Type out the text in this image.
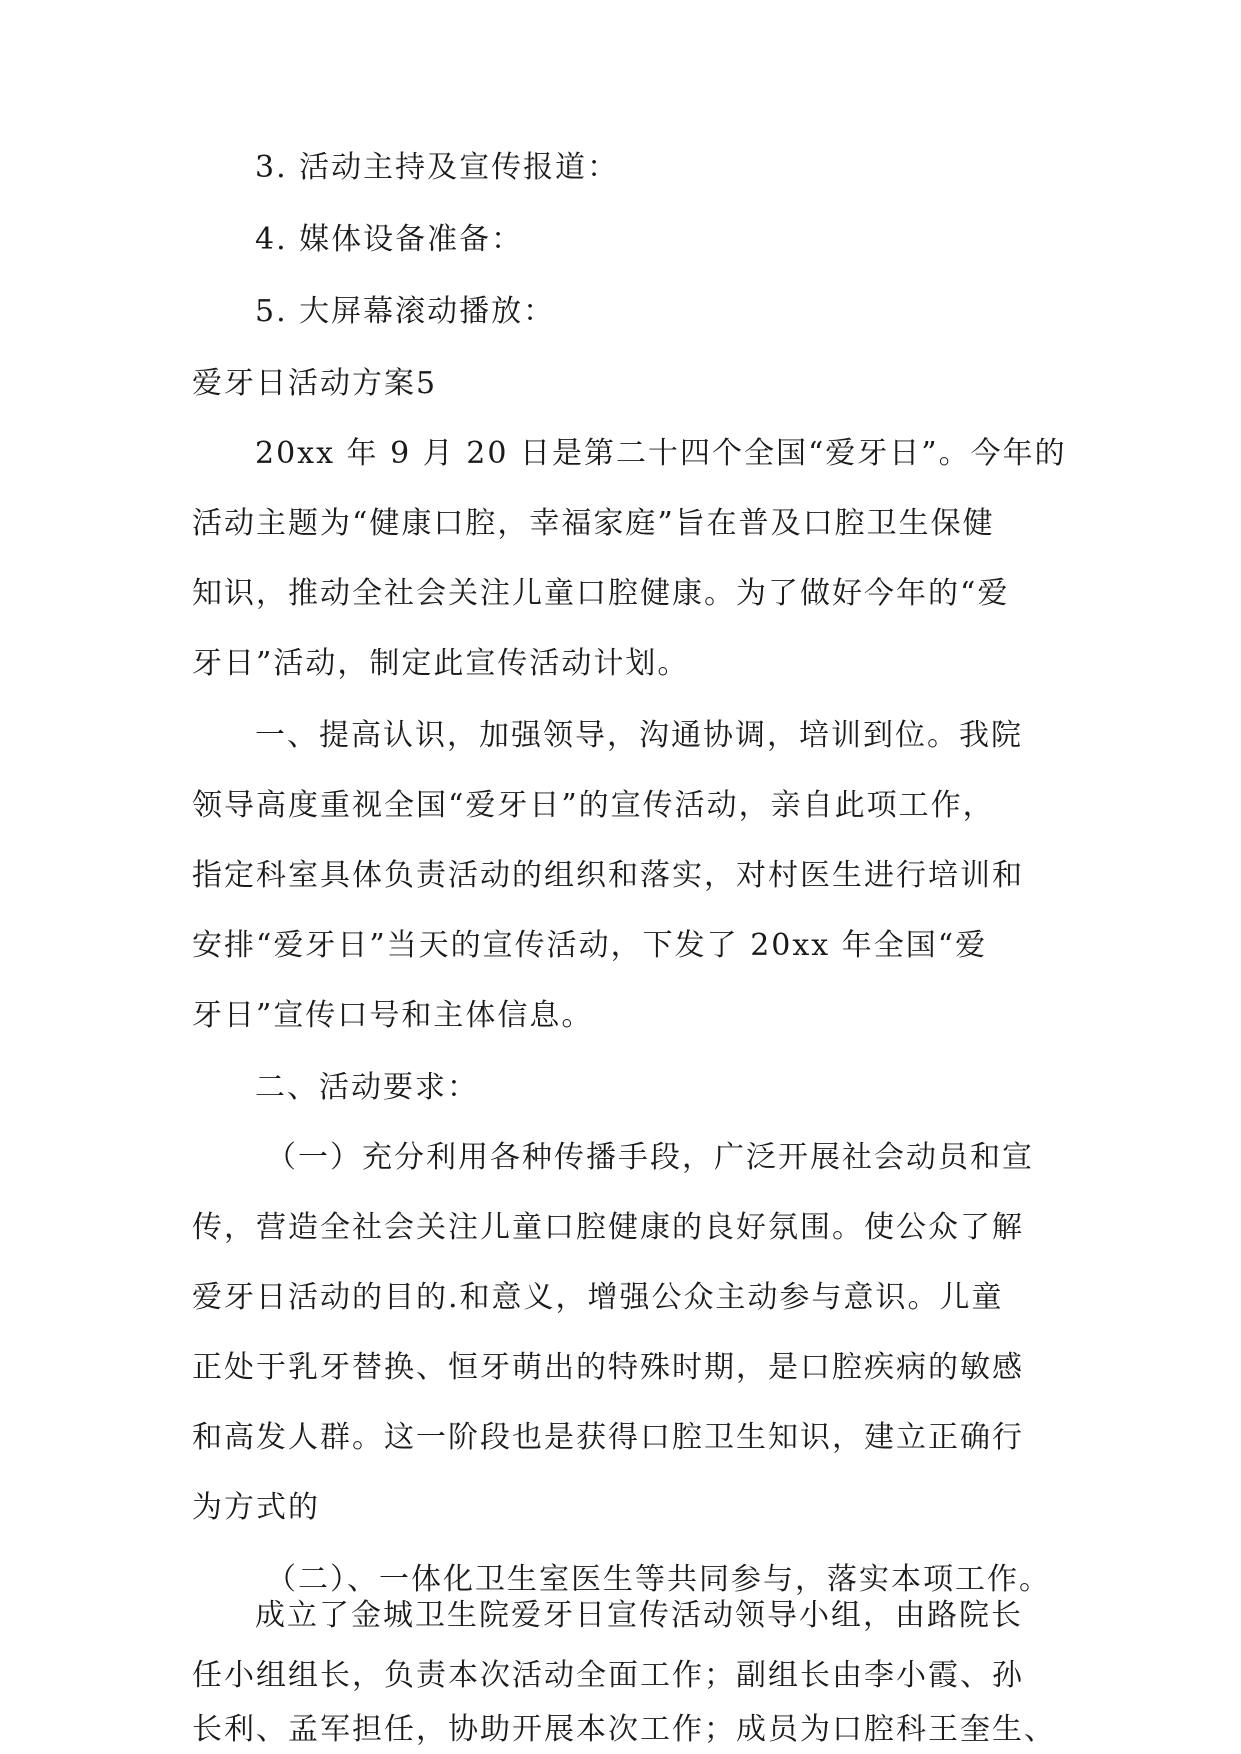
3. 活动主持及宣传报道：
4. 媒体设备准备：
5. 大屏幕滚动播放：
爱牙日活动方案5
20xx 年 9 月 20 日是第二十四个全国“爱牙日”。今年的
活动主题为“健康口腔，幸福家庭”旨在普及口腔卫生保健
知识，推动全社会关注儿童口腔健康。为了做好今年的“爱
牙日”活动，制定此宣传活动计划。
一、提高认识，加强领导，沟通协调，培训到位。我院
领导高度重视全国“爱牙日”的宣传活动，亲自此项工作，
指定科室具体负责活动的组织和落实，对村医生进行培训和
安排“爱牙日”当天的宣传活动，下发了 20xx 年全国“爱
牙日”宣传口号和主体信息。
二、活动要求：
（一）充分利用各种传播手段，广泛开展社会动员和宣
传，营造全社会关注儿童口腔健康的良好氛围。使公众了解
爱牙日活动的目的.和意义，增强公众主动参与意识。儿童
正处于乳牙替换、恒牙萌出的特殊时期，是口腔疾病的敏感
和高发人群。这一阶段也是获得口腔卫生知识，建立正确行
为方式的
（二）、一体化卫生室医生等共同参与，落实本项工作。
成立了金城卫生院爱牙日宣传活动领导小组，由路院长
任小组组长，负责本次活动全面工作；副组长由李小霞、孙
长利、孟军担任，协助开展本次工作；成员为口腔科王奎生、
